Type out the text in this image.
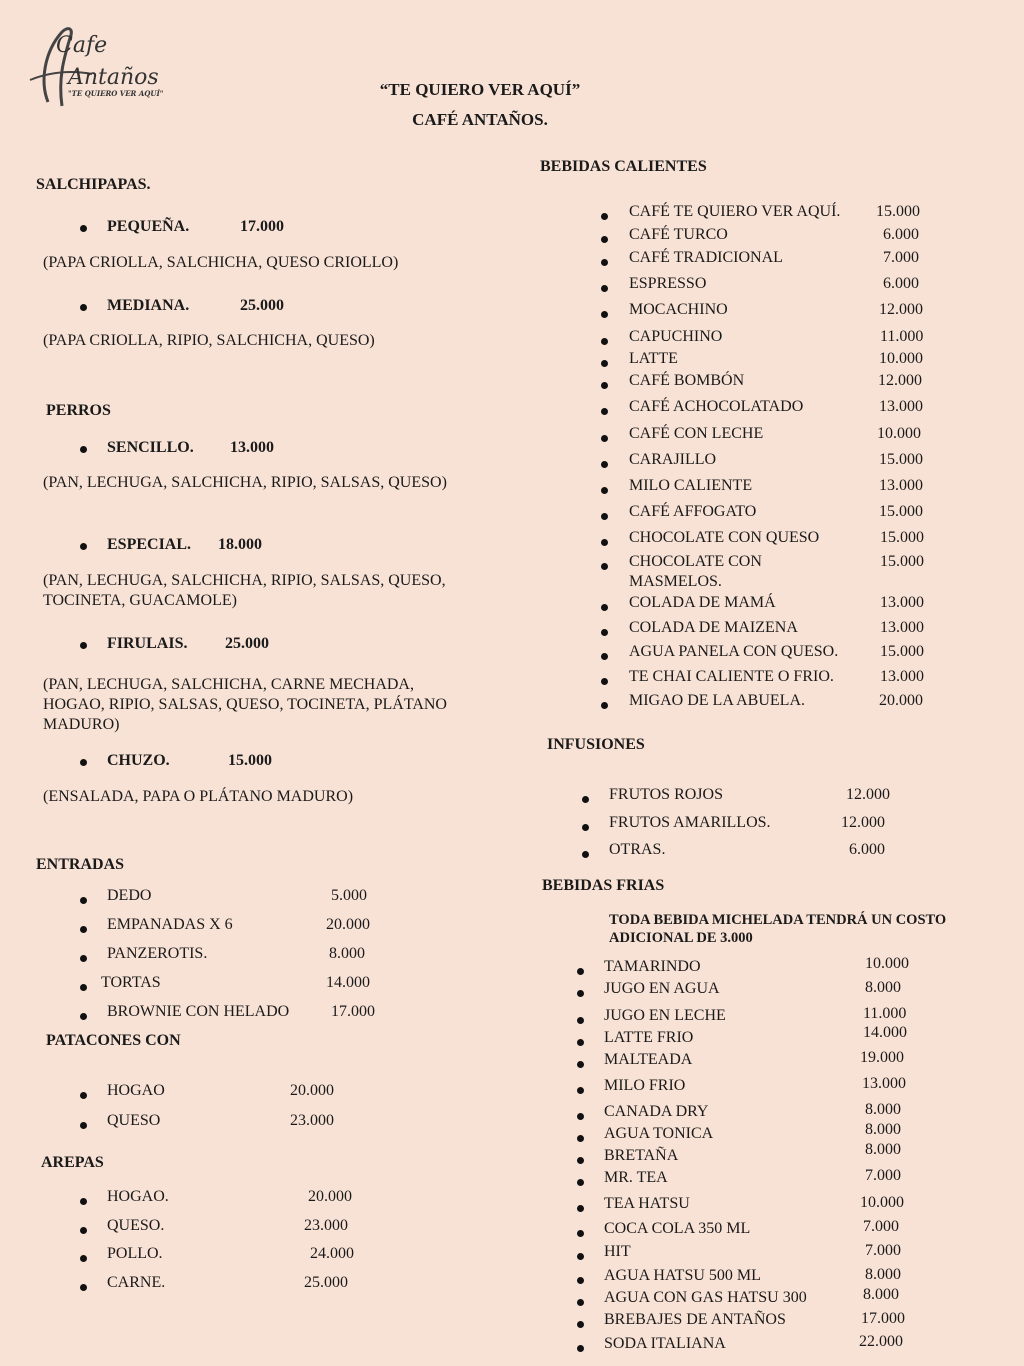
Cafe
Antaños
"TE QUIERO VER AQUÍ"	“TE QUIERO VER AQUÍ”
CAFÉ ANTAÑOS.
SALCHIPAPAS.
PEQUEÑA.	17.000
(PAPA CRIOLLA, SALCHICHA, QUESO CRIOLLO)
MEDIANA.	25.000
(PAPA CRIOLLA, RIPIO, SALCHICHA, QUESO)
PERROS
SENCILLO. 13.000
(PAN, LECHUGA, SALCHICHA, RIPIO, SALSAS, QUESO)
ESPECIAL. 18.000
(PAN, LECHUGA, SALCHICHA, RIPIO, SALSAS, QUESO, TOCINETA, GUACAMOLE)
FIRULAIS. 25.000
(PAN, LECHUGA, SALCHICHA, CARNE MECHADA, HOGAO, RIPIO, SALSAS, QUESO, TOCINETA, PLÁTANO MADURO)
CHUZO.	15.000
(ENSALADA, PAPA O PLÁTANO MADURO)
ENTRADAS
PATACONES CON
AREPAS
BEBIDAS CALIENTES
INFUSIONES
BEBIDAS FRIAS
TODA BEBIDA MICHELADA TENDRÁ UN COSTO ADICIONAL DE 3.000
DEDO	5.000
EMPANADAS X 6	20.000
PANZEROTIS.	8.000
TORTAS	14.000
BROWNIE CON HELADO	17.000
HOGAO	20.000
QUESO	23.000
HOGAO.	20.000
QUESO.	23.000
POLLO.	24.000
CARNE.	25.000
CAFÉ TE QUIERO VER AQUÍ. 15.000
CAFÉ TURCO	6.000
CAFÉ TRADICIONAL	7.000
ESPRESSO	6.000
MOCACHINO	12.000
CAPUCHINO	11.000
LATTE	10.000
CAFÉ BOMBÓN	12.000
CAFÉ ACHOCOLATADO	13.000
CAFÉ CON LECHE	10.000
CARAJILLO	15.000
MILO CALIENTE	13.000
CAFÉ AFFOGATO	15.000
CHOCOLATE CON QUESO	15.000
CHOCOLATE CON
MASMELOS.
15.000
COLADA DE MAMÁ	13.000
COLADA DE MAIZENA	13.000
AGUA PANELA CON QUESO.	15.000
TE CHAI CALIENTE O FRIO.	13.000
MIGAO DE LA ABUELA.	20.000
FRUTOS ROJOS	12.000
FRUTOS AMARILLOS.	12.000
OTRAS.	6.000
TAMARINDO	10.000
JUGO EN AGUA	8.000
JUGO EN LECHE	11.000
LATTE FRIO	14.000
MALTEADA	19.000
MILO FRIO	13.000
CANADA DRY	8.000
AGUA TONICA	8.000
BRETAÑA	8.000
MR. TEA	7.000
TEA HATSU	10.000
COCA COLA 350 ML	7.000
HIT	7.000
AGUA HATSU 500 ML	8.000
AGUA CON GAS HATSU 300	8.000
BREBAJES DE ANTAÑOS	17.000
SODA ITALIANA	22.000
